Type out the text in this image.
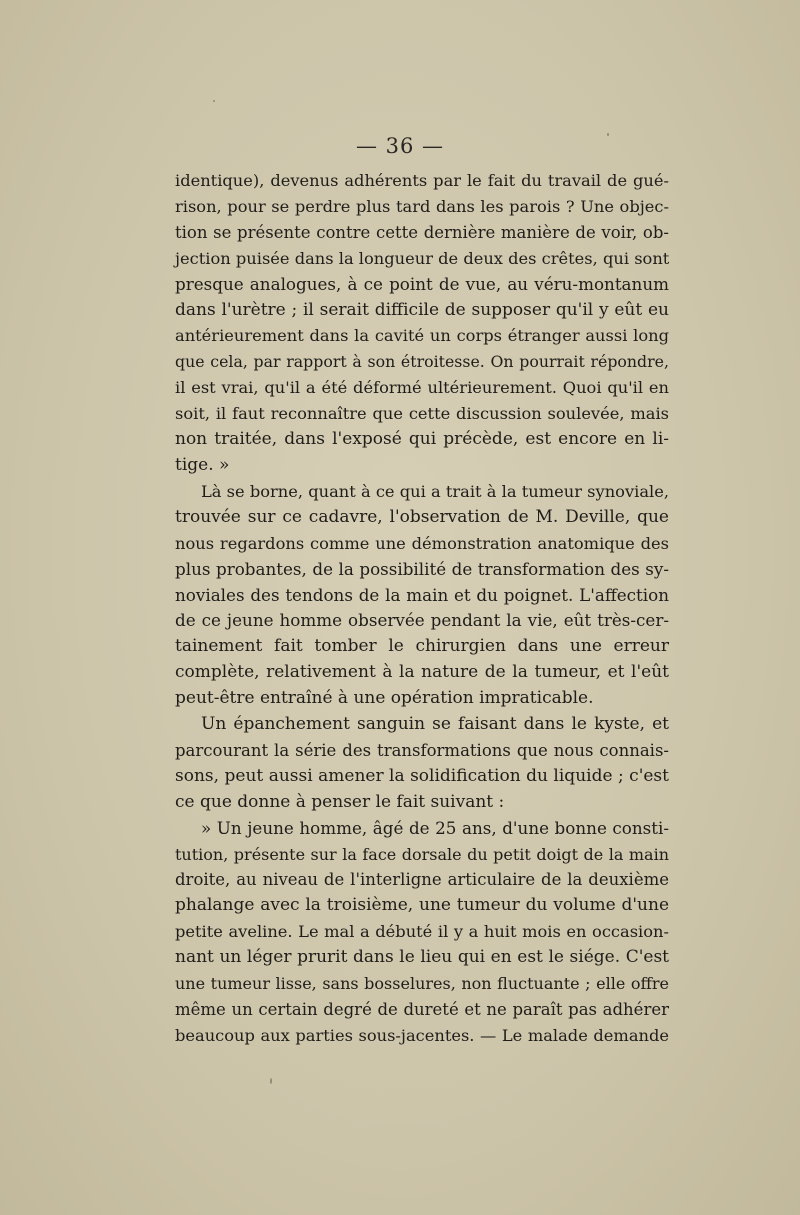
— 36 —
identique), devenus adhérents par le fait du travail de gué-
rison, pour se perdre plus tard dans les parois ? Une objec-
tion se présente contre cette dernière manière de voir, ob-
jection puisée dans la longueur de deux des crêtes, qui sont
presque analogues, à ce point de vue, au véru-montanum
dans l'urètre ; il serait difficile de supposer qu'il y eût eu
antérieurement dans la cavité un corps étranger aussi long
que cela, par rapport à son étroitesse. On pourrait répondre,
il est vrai, qu'il a été déformé ultérieurement. Quoi qu'il en
soit, il faut reconnaître que cette discussion soulevée, mais
non traitée, dans l'exposé qui précède, est encore en li-
tige. »
Là se borne, quant à ce qui a trait à la tumeur synoviale,
trouvée sur ce cadavre, l'observation de M. Deville, que
nous regardons comme une démonstration anatomique des
plus probantes, de la possibilité de transformation des sy-
noviales des tendons de la main et du poignet. L'affection
de ce jeune homme observée pendant la vie, eût très-cer-
tainement fait tomber le chirurgien dans une erreur
complète, relativement à la nature de la tumeur, et l'eût
peut-être entraîné à une opération impraticable.
Un épanchement sanguin se faisant dans le kyste, et
parcourant la série des transformations que nous connais-
sons, peut aussi amener la solidification du liquide ; c'est
ce que donne à penser le fait suivant :
» Un jeune homme, âgé de 25 ans, d'une bonne consti-
tution, présente sur la face dorsale du petit doigt de la main
droite, au niveau de l'interligne articulaire de la deuxième
phalange avec la troisième, une tumeur du volume d'une
petite aveline. Le mal a débuté il y a huit mois en occasion-
nant un léger prurit dans le lieu qui en est le siége. C'est
une tumeur lisse, sans bosselures, non fluctuante ; elle offre
même un certain degré de dureté et ne paraît pas adhérer
beaucoup aux parties sous-jacentes. — Le malade demande
